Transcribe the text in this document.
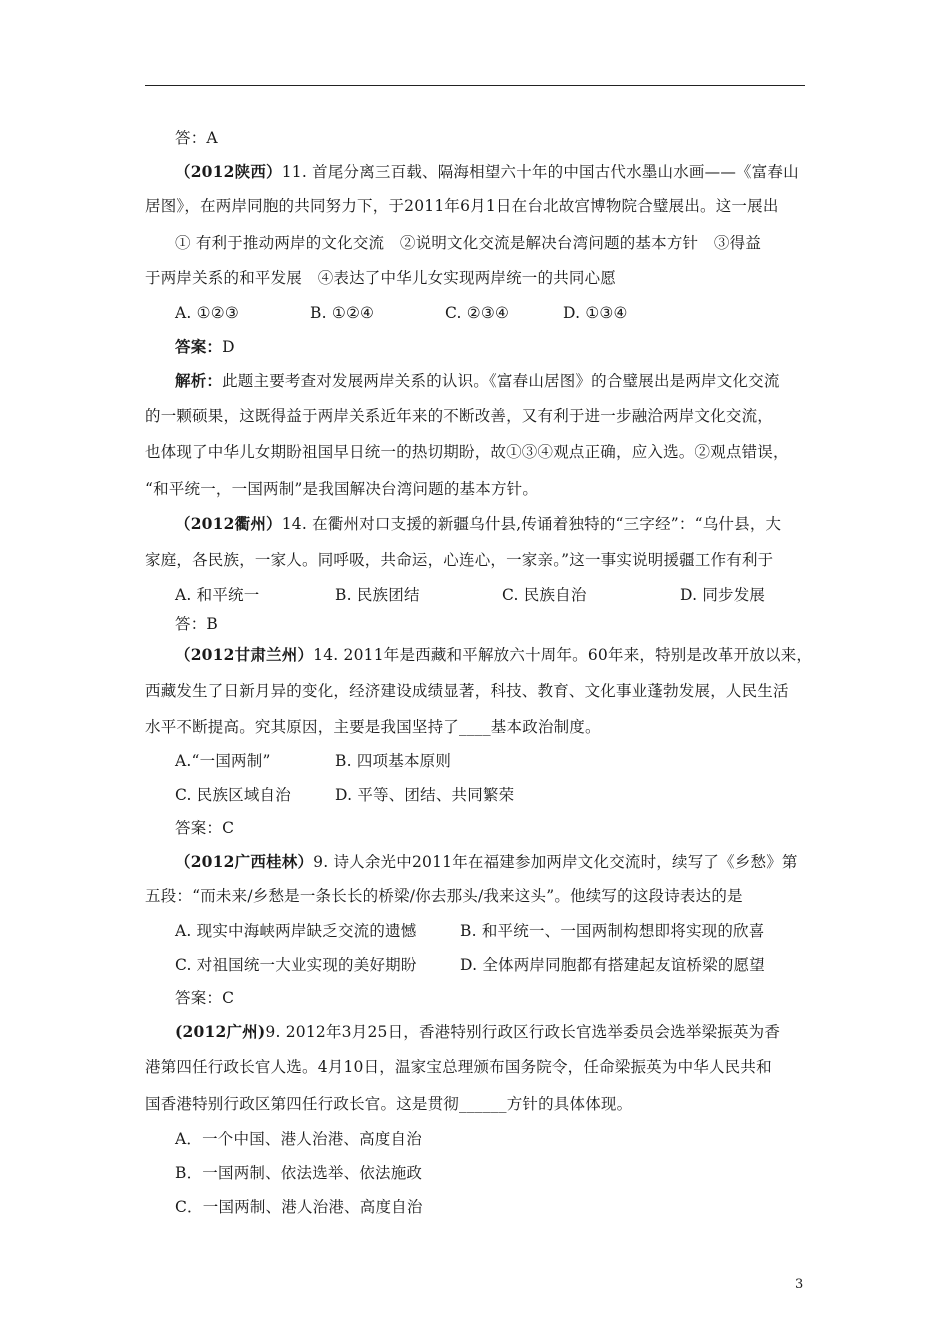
答：A
（2012陕西）11. 首尾分离三百载、隔海相望六十年的中国古代水墨山水画——《富春山
居图》，在两岸同胞的共同努力下，于2011年6月1日在台北故宫博物院合璧展出。这一展出
① 有利于推动两岸的文化交流　②说明文化交流是解决台湾问题的基本方针　③得益
于两岸关系的和平发展　④表达了中华儿女实现两岸统一的共同心愿
A. ①②③	B. ①②④	C. ②③④	D. ①③④
答案：D
解析：此题主要考查对发展两岸关系的认识。《富春山居图》的合璧展出是两岸文化交流
的一颗硕果，这既得益于两岸关系近年来的不断改善，又有利于进一步融洽两岸文化交流，
也体现了中华儿女期盼祖国早日统一的热切期盼，故①③④观点正确，应入选。②观点错误，
“和平统一，一国两制”是我国解决台湾问题的基本方针。
（2012衢州）14. 在衢州对口支援的新疆乌什县,传诵着独特的“三字经”：“乌什县，大
家庭，各民族，一家人。同呼吸，共命运，心连心，一家亲。”这一事实说明援疆工作有利于
A. 和平统一	B. 民族团结	C. 民族自治	D. 同步发展
答：B
（2012甘肃兰州）14. 2011年是西藏和平解放六十周年。60年来，特别是改革开放以来，
西藏发生了日新月异的变化，经济建设成绩显著，科技、教育、文化事业蓬勃发展，人民生活
水平不断提高。究其原因，主要是我国坚持了____基本政治制度。
A.“一国两制”	B. 四项基本原则
C. 民族区域自治	D. 平等、团结、共同繁荣
答案：C
（2012广西桂林）9. 诗人余光中2011年在福建参加两岸文化交流时，续写了《乡愁》第
五段：“而未来/乡愁是一条长长的桥梁/你去那头/我来这头”。他续写的这段诗表达的是
A. 现实中海峡两岸缺乏交流的遗憾	B. 和平统一、一国两制构想即将实现的欣喜
C. 对祖国统一大业实现的美好期盼	D. 全体两岸同胞都有搭建起友谊桥梁的愿望
答案：C
(2012广州)9. 2012年3月25日，香港特别行政区行政长官选举委员会选举梁振英为香
港第四任行政长官人选。4月10日，温家宝总理颁布国务院令，任命梁振英为中华人民共和
国香港特别行政区第四任行政长官。这是贯彻______方针的具体体现。
A．一个中国、港人治港、高度自治
B．一国两制、依法选举、依法施政
C．一国两制、港人治港、高度自治
3
